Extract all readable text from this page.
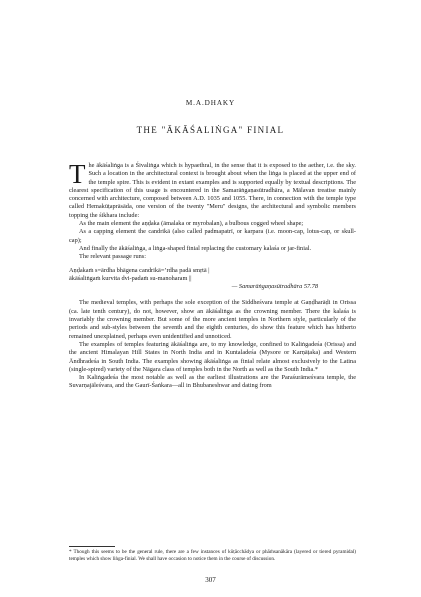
M.A.DHAKY
THE "ĀKĀŚALIṄGA" FINIAL

The ākāśaliṅga is a Śivaliṅga which is hypaethral, in the sense that it is exposed to the aether, i.e. the sky. Such a location in the architectural context is brought about when the liṅga is placed at the upper end of the temple spire. This is evident in extant examples and is supported equally by textual descriptions. The clearest specification of this usage is encountered in the Samarāṅgaṇasūtradhāra, a Mālavan treatise mainly concerned with architecture, composed between A.D. 1035 and 1055. There, in connection with the temple type called Hemakūṭaprāsāda, one version of the twenty "Meru" designs, the architectural and symbolic members topping the śikhara include:

As the main element the aṇḍaka (āmalaka or myrobalan), a bulbous cogged wheel shape;

As a capping element the candrikā (also called padmapatrī, or karpara (i.e. moon-cap, lotus-cap, or skull-cap);

And finally the ākāśaliṅga, a liṅga-shaped finial replacing the customary kalaśa or jar-finial.

The relevant passage runs:

Aṇḍakaṁ s=ārdha bhāgena candrikā=’rdha padā smṛtā |
ākāśaliṅgaṁ kurvita dvi-padaṁ su-manoharam ||
— Samarāṅgaṇasūtradhāra 57.78

The medieval temples, with perhaps the sole exception of the Siddheśvara temple at Gaṇḍharāḍi in Orissa (ca. late tenth century), do not, however, show an ākāśaliṅga as the crowning member. There the kalaśa is invariably the crowning member. But some of the more ancient temples in Northern style, particularly of the periods and sub-styles between the seventh and the eighth centuries, do show this feature which has hitherto remained unexplained, perhaps even unidentified and unnoticed.

The examples of temples featuring ākāśaliṅga are, to my knowledge, confined to Kaliṅgadeśa (Orissa) and the ancient Himalayan Hill States in North India and in Kuntaladeśa (Mysore or Karṇāṭaka) and Western Āndhradeśa in South India. The examples showing ākāśaliṅga as finial relate almost exclusively to the Latina (single-spired) variety of the Nāgara class of temples both in the North as well as the South India.*

In Kaliṅgadeśa the most notable as well as the earliest illustrations are the Paraśurāmeśvara temple, the Suvarṇajāleśvara, and the Gaurī-Śaṅkara—all in Bhubaneshwar and dating from

* Though this seems to be the general rule, there are a few instances of kūṭācchādya or phāṁsanākāra (layered or tiered pyramidal) temples which show liṅga-finial. We shall have occasion to notice them in the course of discussion.
307
